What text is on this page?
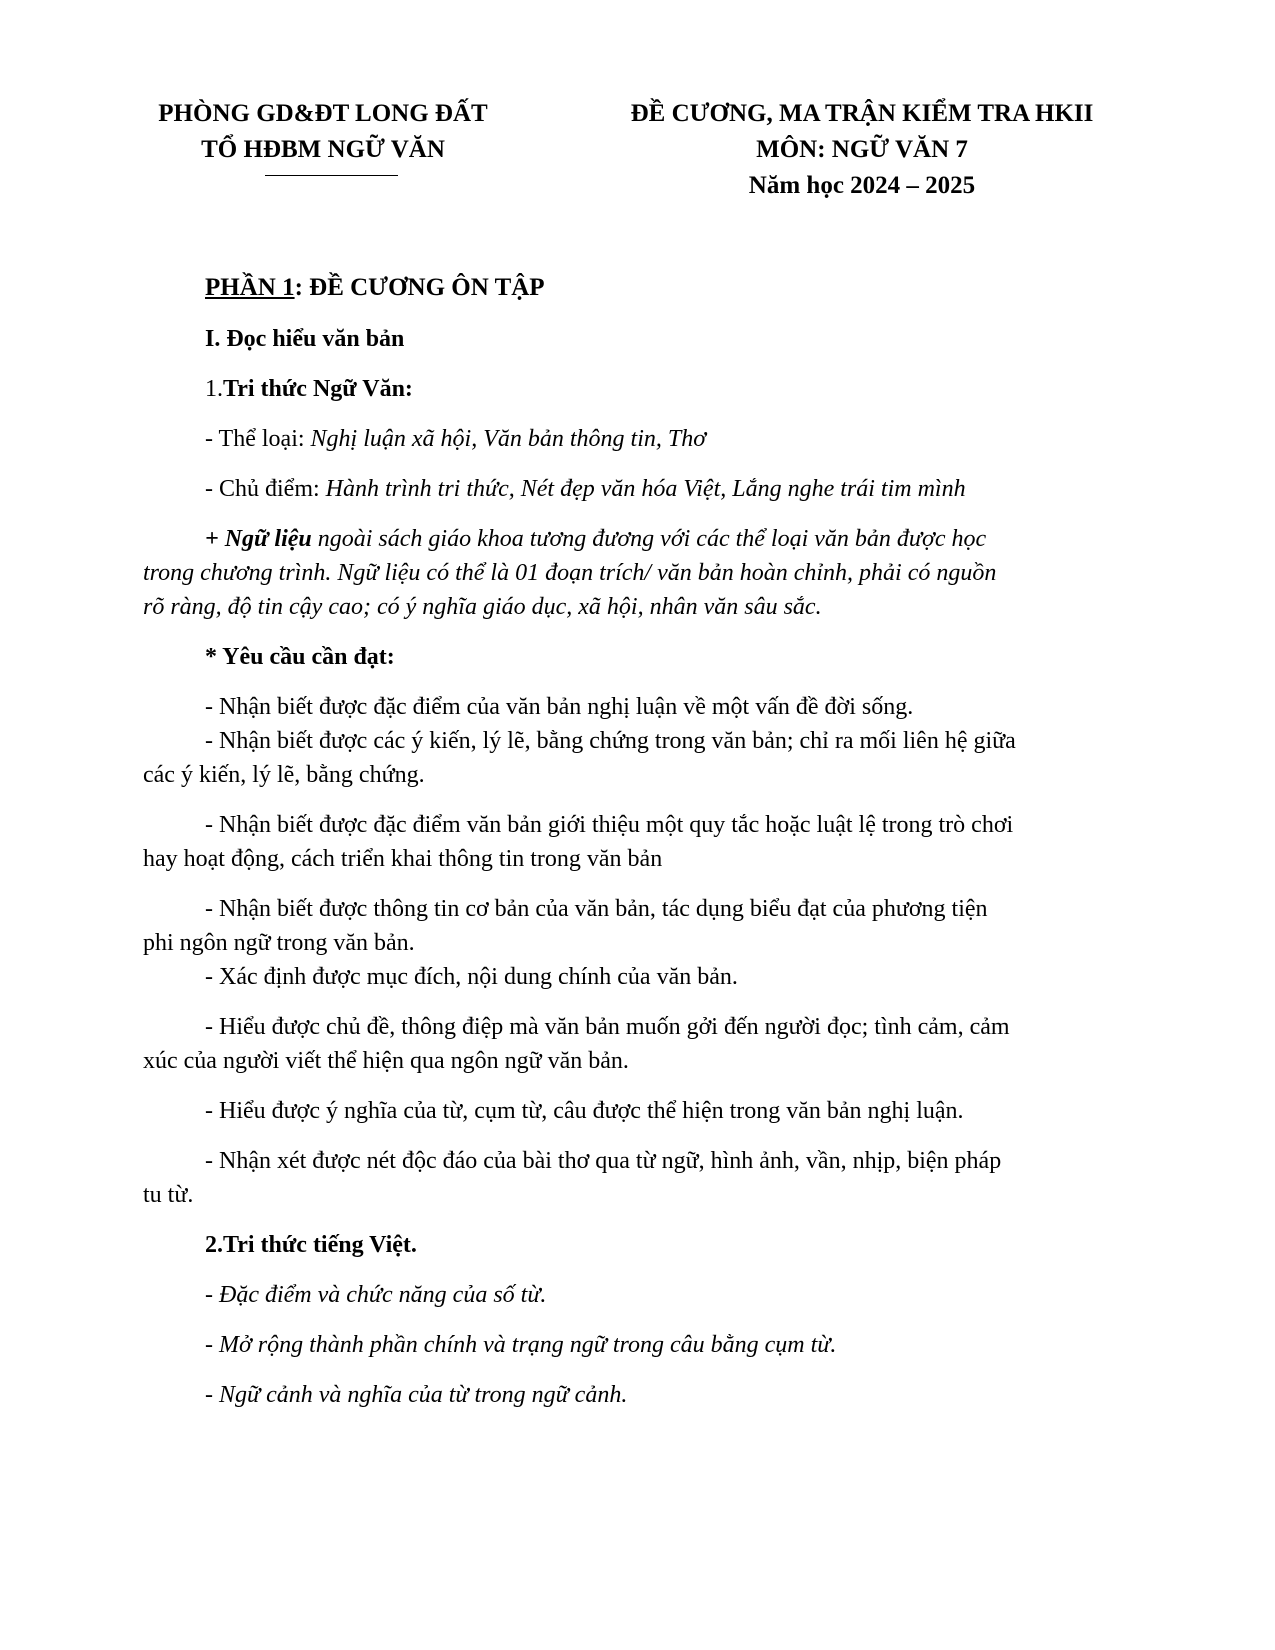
PHÒNG GD&ĐT LONG ĐẤT
TỔ HĐBM NGỮ VĂN
ĐỀ CƯƠNG, MA TRẬN KIỂM TRA HKII
MÔN: NGỮ VĂN 7
Năm học 2024 – 2025
PHẦN 1: ĐỀ CƯƠNG ÔN TẬP
I. Đọc hiểu văn bản
1.Tri thức Ngữ Văn:
- Thể loại: Nghị luận xã hội, Văn bản thông tin, Thơ
- Chủ điểm: Hành trình tri thức, Nét đẹp văn hóa Việt, Lắng nghe trái tim mình
+ Ngữ liệu ngoài sách giáo khoa tương đương với các thể loại văn bản được học
trong chương trình. Ngữ liệu có thể là 01 đoạn trích/ văn bản hoàn chỉnh, phải có nguồn
rõ ràng, độ tin cậy cao; có ý nghĩa giáo dục, xã hội, nhân văn sâu sắc.
* Yêu cầu cần đạt:
- Nhận biết được đặc điểm của văn bản nghị luận về một vấn đề đời sống.
- Nhận biết được các ý kiến, lý lẽ, bằng chứng trong văn bản; chỉ ra mối liên hệ giữa
các ý kiến, lý lẽ, bằng chứng.
- Nhận biết được đặc điểm văn bản giới thiệu một quy tắc hoặc luật lệ trong trò chơi
hay hoạt động, cách triển khai thông tin trong văn bản
- Nhận biết được thông tin cơ bản của văn bản, tác dụng biểu đạt của phương tiện
phi ngôn ngữ trong văn bản.
- Xác định được mục đích, nội dung chính của văn bản.
- Hiểu được chủ đề, thông điệp mà văn bản muốn gởi đến người đọc; tình cảm, cảm
xúc của người viết thể hiện qua ngôn ngữ văn bản.
- Hiểu được ý nghĩa của từ, cụm từ, câu được thể hiện trong văn bản nghị luận.
- Nhận xét được nét độc đáo của bài thơ qua từ ngữ, hình ảnh, vần, nhịp, biện pháp
tu từ.
2.Tri thức tiếng Việt.
- Đặc điểm và chức năng của số từ.
- Mở rộng thành phần chính và trạng ngữ trong câu bằng cụm từ.
- Ngữ cảnh và nghĩa của từ trong ngữ cảnh.
